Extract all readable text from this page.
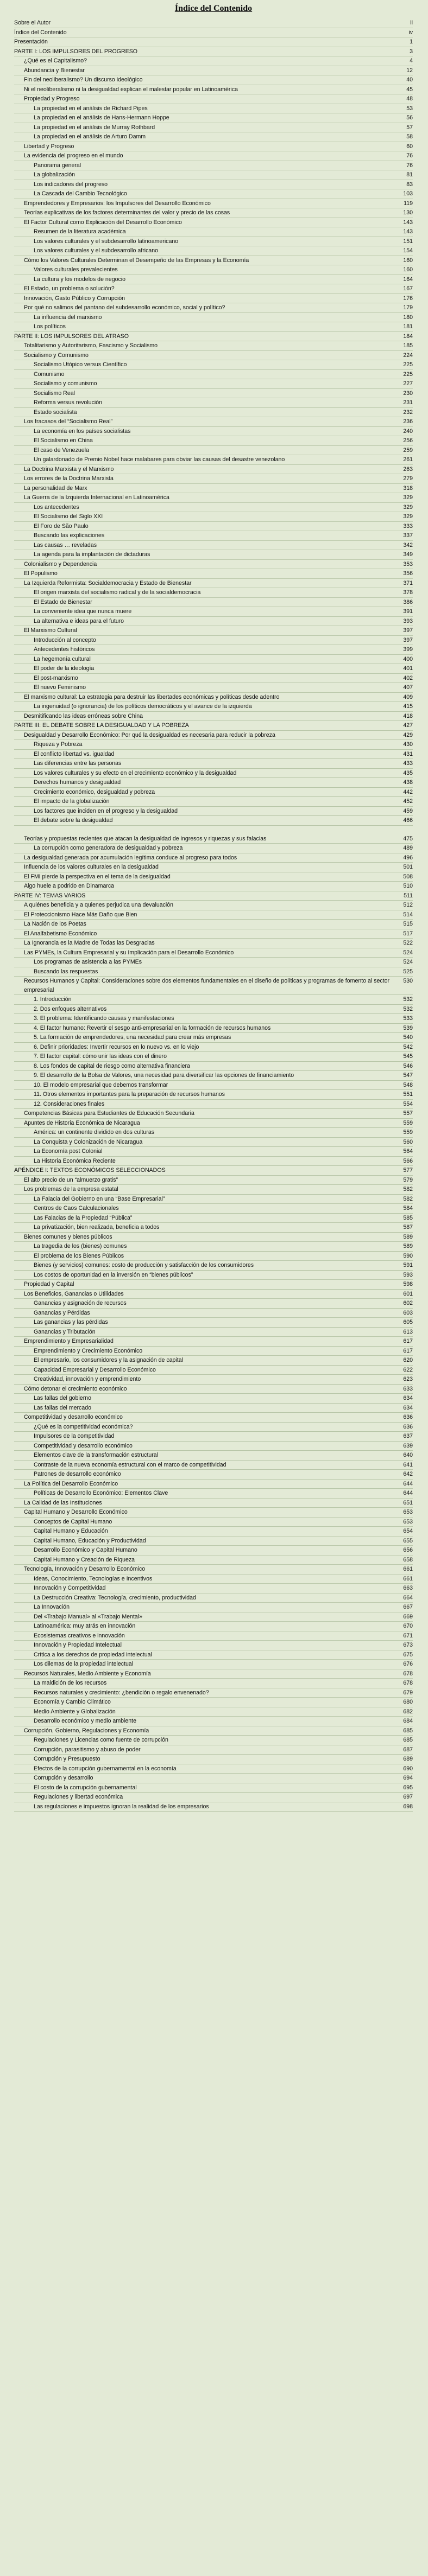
Índice del Contenido
Sobre el Autor	ii
Índice del Contenido	iv
Presentación	1
PARTE I: LOS IMPULSORES DEL PROGRESO	3
¿Qué es el Capitalismo?	4
Abundancia y Bienestar	12
Fin del neoliberalismo? Un discurso ideológico	40
Ni el neoliberalismo ni la desigualdad explican el malestar popular en Latinoamérica	45
Propiedad y Progreso	48
La propiedad en el análisis de Richard Pipes	53
La propiedad en el análisis de Hans-Hermann Hoppe	56
La propiedad en el análisis de Murray Rothbard	57
La propiedad en el análisis de Arturo Damm	58
Libertad y Progreso	60
La evidencia del progreso en el mundo	76
Panorama general	76
La globalización	81
Los indicadores del progreso	83
La Cascada del Cambio Tecnológico	103
Emprendedores y Empresarios: los Impulsores del Desarrollo Económico	119
Teorías explicativas de los factores determinantes del valor y precio de las cosas	130
El Factor Cultural como Explicación del Desarrollo Económico	143
Resumen de la literatura académica	143
Los valores culturales y el subdesarrollo latinoamericano	151
Los valores culturales y el subdesarrollo africano	154
Cómo los Valores Culturales Determinan el Desempeño de las Empresas y la Economía	160
Valores culturales prevalecientes	160
La cultura y los modelos de negocio	164
El Estado, un problema o solución?	167
Innovación, Gasto Público y Corrupción	176
Por qué no salimos del pantano del subdesarrollo económico, social y político?	179
La influencia del marxismo	180
Los políticos	181
PARTE II: LOS IMPULSORES DEL ATRASO	184
Totalitarismo y Autoritarismo, Fascismo y Socialismo	185
Socialismo y Comunismo	224
Socialismo Utópico versus Científico	225
Comunismo	225
Socialismo y comunismo	227
Socialismo Real	230
Reforma versus revolución	231
Estado socialista	232
Los fracasos del “Socialismo Real”	236
La economía en los países socialistas	240
El Socialismo en China	256
El caso de Venezuela	259
Un galardonado de Premio Nobel hace malabares para obviar las causas del desastre venezolano	261
La Doctrina Marxista y el Marxismo	263
Los errores de la Doctrina Marxista	279
La personalidad de Marx	318
La Guerra de la Izquierda Internacional en Latinoamérica	329
Los antecedentes	329
El Socialismo del Siglo XXI	329
El Foro de São Paulo	333
Buscando las explicaciones	337
Las causas … reveladas	342
La agenda para la implantación de dictaduras	349
Colonialismo y Dependencia	353
El Populismo	356
La Izquierda Reformista: Socialdemocracia y Estado de Bienestar	371
El origen marxista del socialismo radical y de la socialdemocracia	378
El Estado de Bienestar	386
La conveniente idea que nunca muere	391
La alternativa e ideas para el futuro	393
El Marxismo Cultural	397
Introducción al concepto	397
Antecedentes históricos	399
La hegemonía cultural	400
El poder de la ideología	401
El post-marxismo	402
El nuevo Feminismo	407
El marxismo cultural: La estrategia para destruir las libertades económicas y políticas desde adentro	409
La ingenuidad (o ignorancia) de los políticos democráticos y el avance de la izquierda	415
Desmitificando las ideas erróneas sobre China	418
PARTE III: EL DEBATE SOBRE LA DESIGUALDAD Y LA POBREZA	427
Desigualdad y Desarrollo Económico: Por qué la desigualdad es necesaria para reducir la pobreza	429
Riqueza y Pobreza	430
El conflicto libertad vs. igualdad	431
Las diferencias entre las personas	433
Los valores culturales y su efecto en el crecimiento económico y la desigualdad	435
Derechos humanos y desigualdad	438
Crecimiento económico, desigualdad y pobreza	442
El impacto de la globalización	452
Los factores que inciden en el progreso y la desigualdad	459
El debate sobre la desigualdad	466
Teorías y propuestas recientes que atacan la desigualdad de ingresos y riquezas y sus falacias	475
La corrupción como generadora de desigualdad y pobreza	489
La desigualdad generada por acumulación legítima conduce al progreso para todos	496
Influencia de los valores culturales en la desigualdad	501
El FMI pierde la perspectiva en el tema de la desigualdad	508
Algo huele a podrido en Dinamarca	510
PARTE IV: TEMAS VARIOS	511
A quiénes beneficia y a quienes perjudica una devaluación	512
El Proteccionismo Hace Más Daño que Bien	514
La Nación de los Poetas	515
El Analfabetismo Económico	517
La Ignorancia es la Madre de Todas las Desgracias	522
Las PYMEs, la Cultura Empresarial y su Implicación para el Desarrollo Económico	524
Los programas de asistencia a las PYMEs	524
Buscando las respuestas	525
Recursos Humanos y Capital: Consideraciones sobre dos elementos fundamentales en el diseño de políticas y programas de fomento al sector empresarial
530
1. Introducción	532
2. Dos enfoques alternativos	532
3. El problema: Identificando causas y manifestaciones	533
4. El factor humano: Revertir el sesgo anti-empresarial en la formación de recursos humanos	539
5. La formación de emprendedores, una necesidad para crear más empresas	540
6. Definir prioridades: Invertir recursos en lo nuevo vs. en lo viejo	542
7. El factor capital: cómo unir las ideas con el dinero	545
8. Los fondos de capital de riesgo como alternativa financiera	546
9. El desarrollo de la Bolsa de Valores, una necesidad para diversificar las opciones de financiamiento	547
10. El modelo empresarial que debemos transformar	548
11. Otros elementos importantes para la preparación de recursos humanos	551
12. Consideraciones finales	554
Competencias Básicas para Estudiantes de Educación Secundaria	557
Apuntes de Historia Económica de Nicaragua	559
América: un continente dividido en dos culturas	559
La Conquista y Colonización de Nicaragua	560
La Economía post Colonial	564
La Historia Económica Reciente	566
APÉNDICE I: TEXTOS ECONÓMICOS SELECCIONADOS	577
El alto precio de un “almuerzo gratis”	579
Los problemas de la empresa estatal	582
La Falacia del Gobierno en una “Base Empresarial”	582
Centros de Caos Calculacionales	584
Las Falacias de la Propiedad “Pública”	585
La privatización, bien realizada, beneficia a todos	587
Bienes comunes y bienes públicos	589
La tragedia de los (bienes) comunes	589
El problema de los Bienes Públicos	590
Bienes (y servicios) comunes: costo de producción y satisfacción de los consumidores	591
Los costos de oportunidad en la inversión en “bienes públicos”	593
Propiedad y Capital	598
Los Beneficios, Ganancias o Utilidades	601
Ganancias y asignación de recursos	602
Ganancias y Pérdidas	603
Las ganancias y las pérdidas	605
Ganancias y Tributación	613
Emprendimiento y Empresarialidad	617
Emprendimiento y Crecimiento Económico	617
El empresario, los consumidores y la asignación de capital	620
Capacidad Empresarial y Desarrollo Económico	622
Creatividad, innovación y emprendimiento	623
Cómo detonar el crecimiento económico	633
Las fallas del gobierno	634
Las fallas del mercado	634
Competitividad y desarrollo económico	636
¿Qué es la competitividad económica?	636
Impulsores de la competitividad	637
Competitividad y desarrollo económico	639
Elementos clave de la transformación estructural	640
Contraste de la nueva economía estructural con el marco de competitividad	641
Patrones de desarrollo económico	642
La Política del Desarrollo Económico	644
Políticas de Desarrollo Económico: Elementos Clave	644
La Calidad de las Instituciones	651
Capital Humano y Desarrollo Económico	653
Conceptos de Capital Humano	653
Capital Humano y Educación	654
Capital Humano, Educación y Productividad	655
Desarrollo Económico y Capital Humano	656
Capital Humano y Creación de Riqueza	658
Tecnología, Innovación y Desarrollo Económico	661
Ideas, Conocimiento, Tecnologías e Incentivos	661
Innovación y Competitividad	663
La Destrucción Creativa: Tecnología, crecimiento, productividad	664
La Innovación	667
Del «Trabajo Manual» al «Trabajo Mental»	669
Latinoamérica: muy atrás en innovación	670
Ecosistemas creativos e innovación	671
Innovación y Propiedad Intelectual	673
Crítica a los derechos de propiedad intelectual	675
Los dilemas de la propiedad intelectual	676
Recursos Naturales, Medio Ambiente y Economía	678
La maldición de los recursos	678
Recursos naturales y crecimiento: ¿bendición o regalo envenenado?	679
Economía y Cambio Climático	680
Medio Ambiente y Globalización	682
Desarrollo económico y medio ambiente	684
Corrupción, Gobierno, Regulaciones y Economía	685
Regulaciones y Licencias como fuente de corrupción	685
Corrupción, parasitismo y abuso de poder	687
Corrupción y Presupuesto	689
Efectos de la corrupción gubernamental en la economía	690
Corrupción y desarrollo	694
El costo de la corrupción gubernamental	695
Regulaciones y libertad económica	697
Las regulaciones e impuestos ignoran la realidad de los empresarios	698
